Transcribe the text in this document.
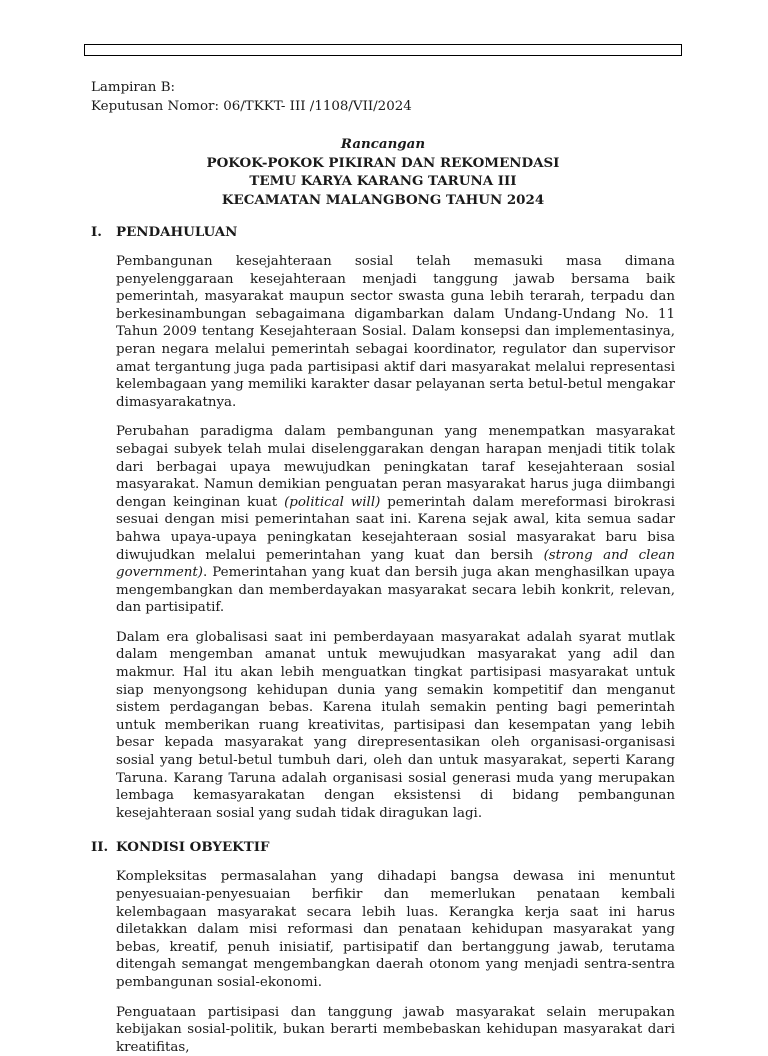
Lampiran B:
Keputusan Nomor: 06/TKKT- III /1108/VII/2024
Rancangan
POKOK-POKOK PIKIRAN DAN REKOMENDASI
TEMU KARYA KARANG TARUNA III
KECAMATAN MALANGBONG TAHUN 2024
I.	PENDAHULUAN

Pembangunan kesejahteraan sosial telah memasuki masa dimana penyelenggaraan kesejahteraan menjadi tanggung jawab bersama baik pemerintah, masyarakat maupun sector swasta guna lebih terarah, terpadu dan berkesinambungan sebagaimana digambarkan dalam Undang-Undang No. 11 Tahun 2009 tentang Kesejahteraan Sosial. Dalam konsepsi dan implementasinya, peran negara melalui pemerintah sebagai koordinator, regulator dan supervisor amat tergantung juga pada partisipasi aktif dari masyarakat melalui representasi kelembagaan yang memiliki karakter dasar pelayanan serta betul-betul mengakar dimasyarakatnya.

Perubahan paradigma dalam pembangunan yang menempatkan masyarakat sebagai subyek telah mulai diselenggarakan dengan harapan menjadi titik tolak dari berbagai upaya mewujudkan peningkatan taraf kesejahteraan sosial masyarakat. Namun demikian penguatan peran masyarakat harus juga diimbangi dengan keinginan kuat (political will) pemerintah dalam mereformasi birokrasi sesuai dengan misi pemerintahan saat ini. Karena sejak awal, kita semua sadar bahwa upaya-upaya peningkatan kesejahteraan sosial masyarakat baru bisa diwujudkan melalui pemerintahan yang kuat dan bersih (strong and clean government). Pemerintahan yang kuat dan bersih juga akan menghasilkan upaya mengembangkan dan memberdayakan masyarakat secara lebih konkrit, relevan, dan partisipatif.

Dalam era globalisasi saat ini pemberdayaan masyarakat adalah syarat mutlak dalam mengemban amanat untuk mewujudkan masyarakat yang adil dan makmur. Hal itu akan lebih menguatkan tingkat partisipasi masyarakat untuk siap menyongsong kehidupan dunia yang semakin kompetitif dan menganut sistem perdagangan bebas. Karena itulah semakin penting bagi pemerintah untuk memberikan ruang kreativitas, partisipasi dan kesempatan yang lebih besar kepada masyarakat yang direpresentasikan oleh organisasi-organisasi sosial yang betul-betul tumbuh dari, oleh dan untuk masyarakat, seperti Karang Taruna. Karang Taruna adalah organisasi sosial generasi muda yang merupakan lembaga kemasyarakatan dengan eksistensi di bidang pembangunan kesejahteraan sosial yang sudah tidak diragukan lagi.

II. KONDISI OBYEKTIF

Kompleksitas permasalahan yang dihadapi bangsa dewasa ini menuntut penyesuaian-penyesuaian berfikir dan memerlukan penataan kembali kelembagaan masyarakat secara lebih luas. Kerangka kerja saat ini harus diletakkan dalam misi reformasi dan penataan kehidupan masyarakat yang bebas, kreatif, penuh inisiatif, partisipatif dan bertanggung jawab, terutama ditengah semangat mengembangkan daerah otonom yang menjadi sentra-sentra pembangunan sosial-ekonomi.

Penguataan partisipasi dan tanggung jawab masyarakat selain merupakan kebijakan sosial-politik, bukan berarti membebaskan kehidupan masyarakat dari kreatifitas,
